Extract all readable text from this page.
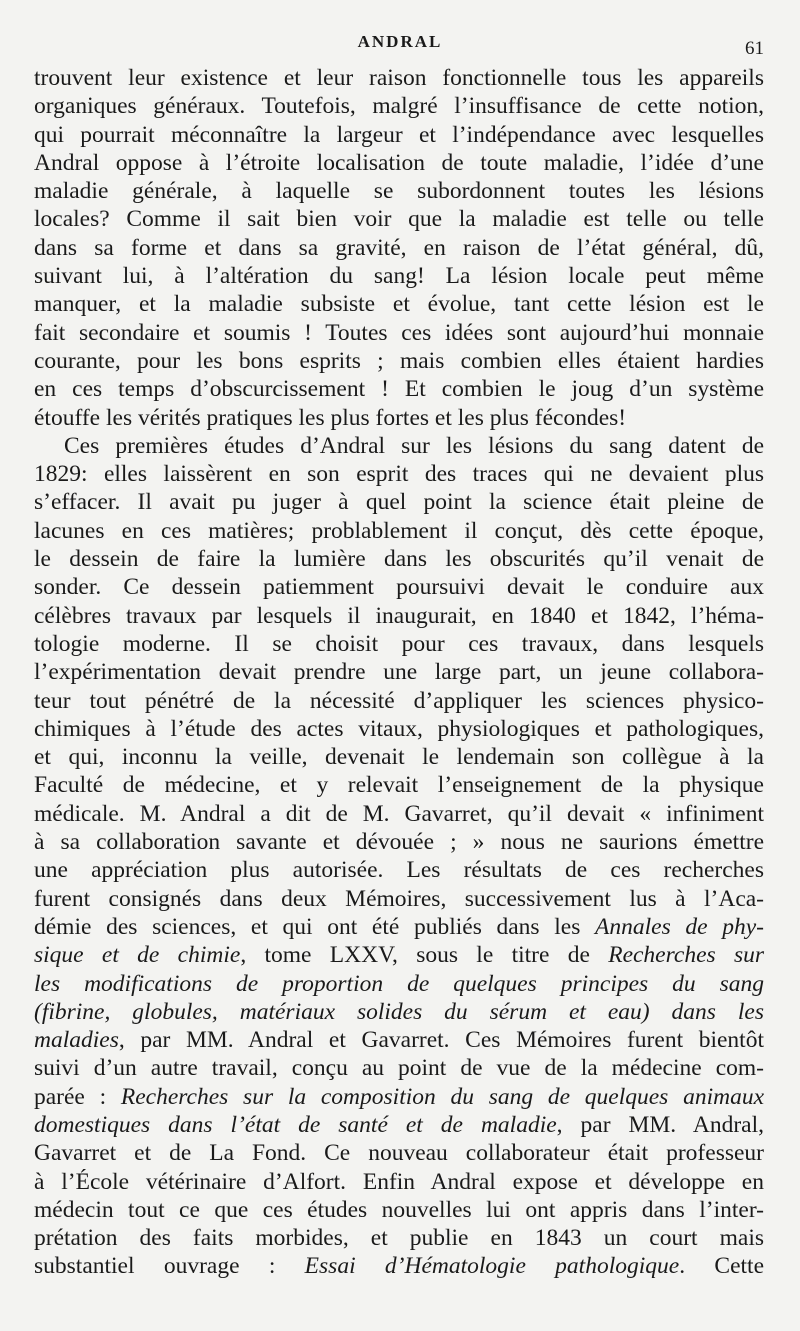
ANDRAL	61
trouvent leur existence et leur raison fonctionnelle tous les appareils
organiques généraux. Toutefois, malgré l’insuffisance de cette notion,
qui pourrait méconnaître la largeur et l’indépendance avec lesquelles
Andral oppose à l’étroite localisation de toute maladie, l’idée d’une
maladie générale, à laquelle se subordonnent toutes les lésions
locales? Comme il sait bien voir que la maladie est telle ou telle
dans sa forme et dans sa gravité, en raison de l’état général, dû,
suivant lui, à l’altération du sang! La lésion locale peut même
manquer, et la maladie subsiste et évolue, tant cette lésion est le
fait secondaire et soumis ! Toutes ces idées sont aujourd’hui monnaie
courante, pour les bons esprits ; mais combien elles étaient hardies
en ces temps d’obscurcissement ! Et combien le joug d’un système
étouffe les vérités pratiques les plus fortes et les plus fécondes!
Ces premières études d’Andral sur les lésions du sang datent de
1829: elles laissèrent en son esprit des traces qui ne devaient plus
s’effacer. Il avait pu juger à quel point la science était pleine de
lacunes en ces matières; problablement il conçut, dès cette époque,
le dessein de faire la lumière dans les obscurités qu’il venait de
sonder. Ce dessein patiemment poursuivi devait le conduire aux
célèbres travaux par lesquels il inaugurait, en 1840 et 1842, l’héma-
tologie moderne. Il se choisit pour ces travaux, dans lesquels
l’expérimentation devait prendre une large part, un jeune collabora-
teur tout pénétré de la nécessité d’appliquer les sciences physico-
chimiques à l’étude des actes vitaux, physiologiques et pathologiques,
et qui, inconnu la veille, devenait le lendemain son collègue à la
Faculté de médecine, et y relevait l’enseignement de la physique
médicale. M. Andral a dit de M. Gavarret, qu’il devait « infiniment
à sa collaboration savante et dévouée ; » nous ne saurions émettre
une appréciation plus autorisée. Les résultats de ces recherches
furent consignés dans deux Mémoires, successivement lus à l’Aca-
démie des sciences, et qui ont été publiés dans les Annales de phy-
sique et de chimie, tome LXXV, sous le titre de Recherches sur
les modifications de proportion de quelques principes du sang
(fibrine, globules, matériaux solides du sérum et eau) dans les
maladies, par MM. Andral et Gavarret. Ces Mémoires furent bientôt
suivi d’un autre travail, conçu au point de vue de la médecine com-
parée : Recherches sur la composition du sang de quelques animaux
domestiques dans l’état de santé et de maladie, par MM. Andral,
Gavarret et de La Fond. Ce nouveau collaborateur était professeur
à l’École vétérinaire d’Alfort. Enfin Andral expose et développe en
médecin tout ce que ces études nouvelles lui ont appris dans l’inter-
prétation des faits morbides, et publie en 1843 un court mais
substantiel ouvrage : Essai d’Hématologie pathologique. Cette
